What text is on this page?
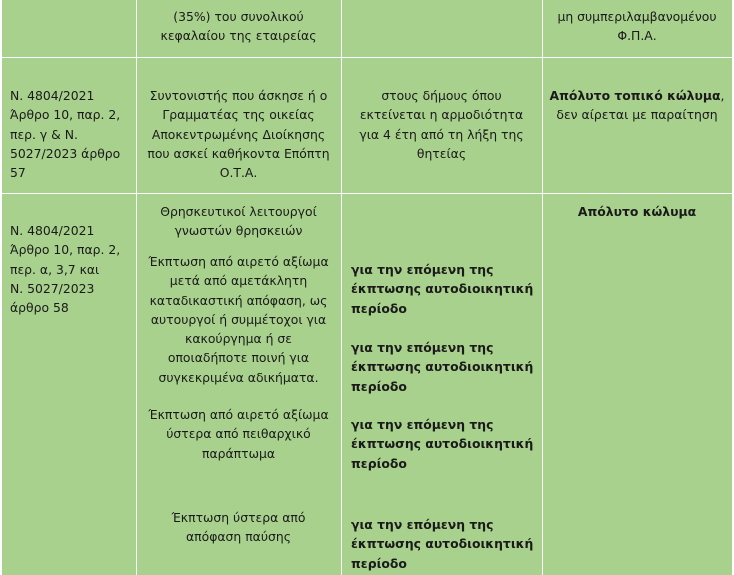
(35%) του συνολικού
κεφαλαίου της εταιρείας
μη συμπεριλαμβανομένου
Φ.Π.Α.
Ν. 4804/2021
Άρθρο 10, παρ. 2,
περ. γ & Ν.
5027/2023 άρθρο
57
Συντονιστής που άσκησε ή ο
Γραμματέας της οικείας
Αποκεντρωμένης Διοίκησης
που ασκεί καθήκοντα Επόπτη
Ο.Τ.Α.
στους δήμους όπου
εκτείνεται η αρμοδιότητα
για 4 έτη από τη λήξη της
θητείας
Απόλυτο τοπικό κώλυμα,
δεν αίρεται με παραίτηση
Ν. 4804/2021
Άρθρο 10, παρ. 2,
περ. α, 3,7 και
Ν. 5027/2023
άρθρο 58
Απόλυτο κώλυμα
Θρησκευτικοί λειτουργοί
γνωστών θρησκειών
Έκπτωση από αιρετό αξίωμα
μετά από αμετάκλητη
καταδικαστική απόφαση, ως
αυτουργοί ή συμμέτοχοι για
κακούργημα ή σε
οποιαδήποτε ποινή για
συγκεκριμένα αδικήματα.
για την επόμενη της
έκπτωσης αυτοδιοικητική
περίοδο
για την επόμενη της
έκπτωσης αυτοδιοικητική
περίοδο
Έκπτωση από αιρετό αξίωμα
ύστερα από πειθαρχικό
παράπτωμα
για την επόμενη της
έκπτωσης αυτοδιοικητική
περίοδο
Έκπτωση ύστερα από
απόφαση παύσης
για την επόμενη της
έκπτωσης αυτοδιοικητική
περίοδο
